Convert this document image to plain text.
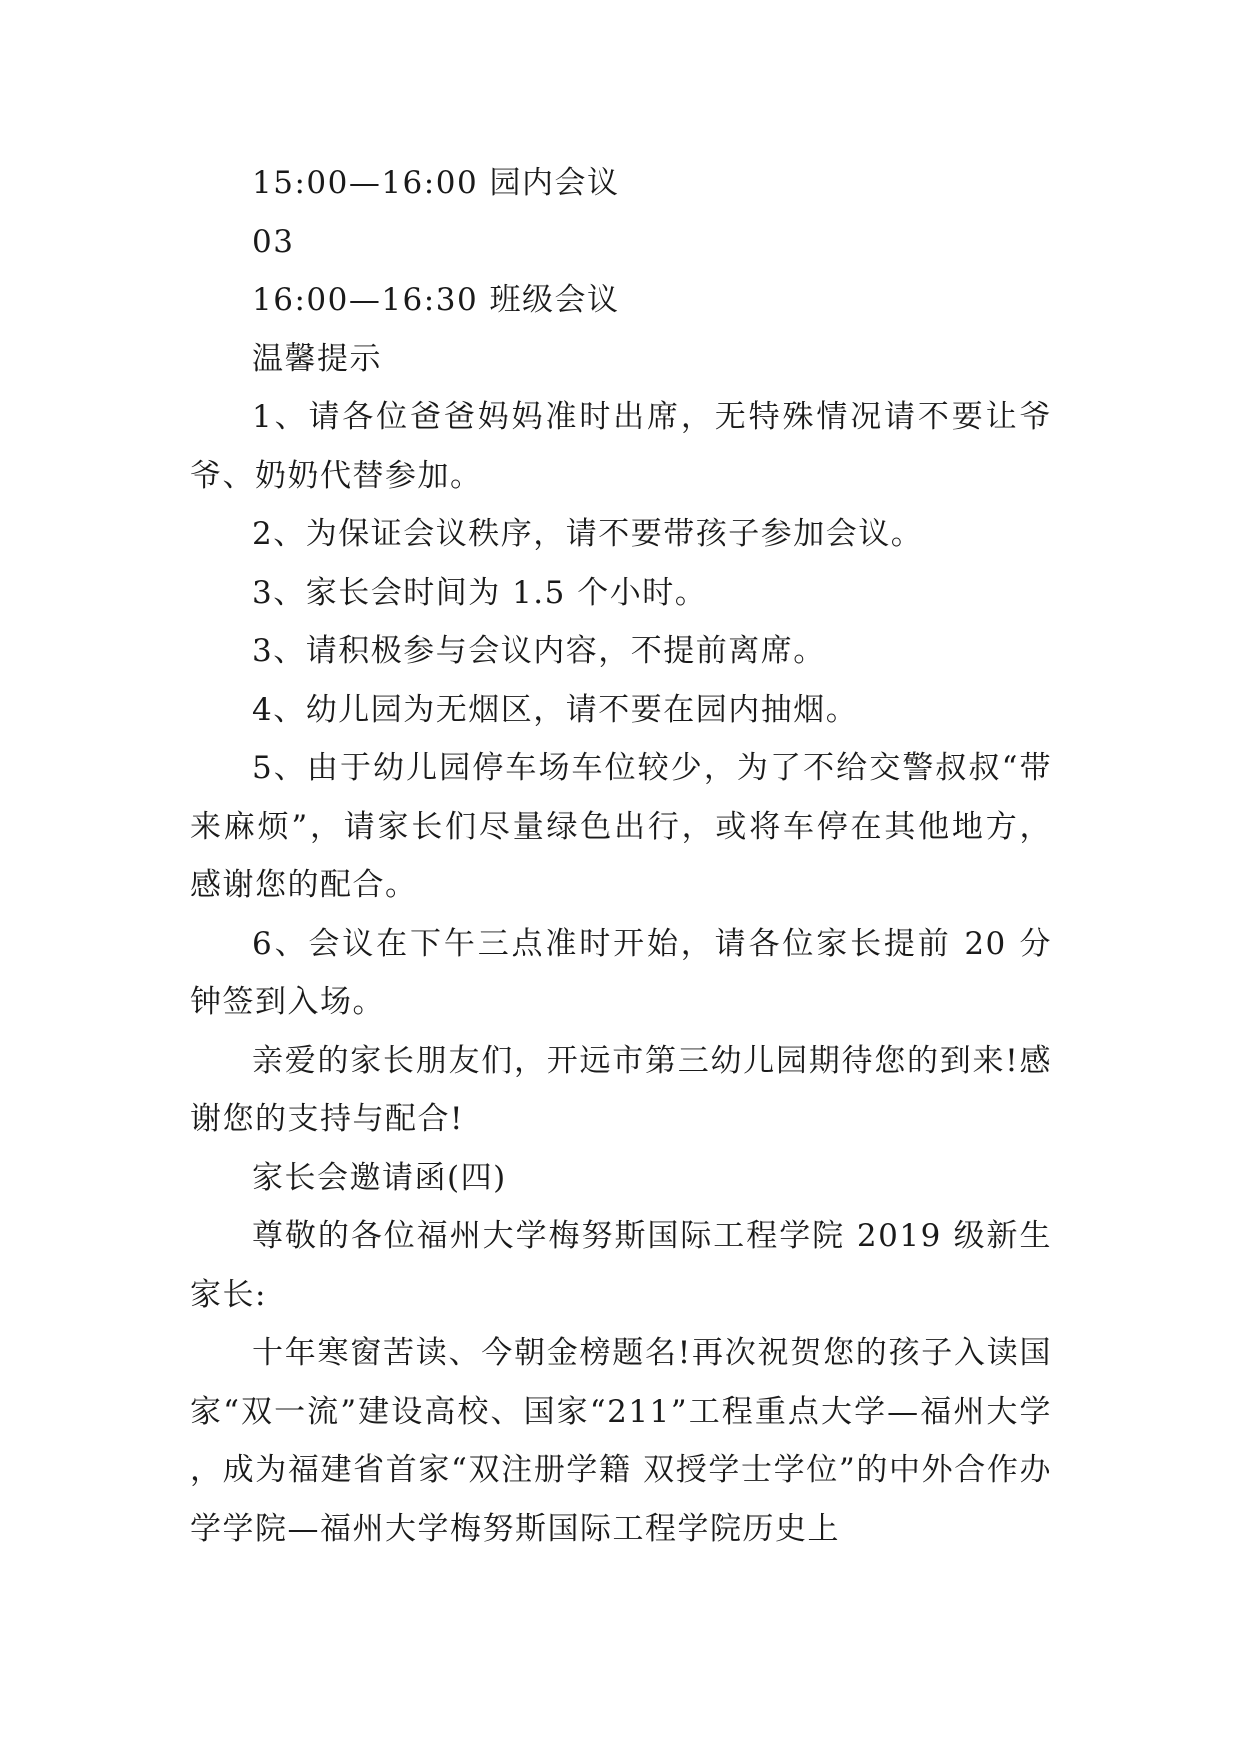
15:00—16:00 园内会议

03

16:00—16:30 班级会议

温馨提示

1、请各位爸爸妈妈准时出席，无特殊情况请不要让爷爷、奶奶代替参加。

2、为保证会议秩序，请不要带孩子参加会议。

3、家长会时间为 1.5 个小时。

3、请积极参与会议内容，不提前离席。

4、幼儿园为无烟区，请不要在园内抽烟。

5、由于幼儿园停车场车位较少，为了不给交警叔叔“带来麻烦”，请家长们尽量绿色出行，或将车停在其他地方，感谢您的配合。

6、会议在下午三点准时开始，请各位家长提前 20 分钟签到入场。

亲爱的家长朋友们，开远市第三幼儿园期待您的到来!感谢您的支持与配合!

家长会邀请函(四)

尊敬的各位福州大学梅努斯国际工程学院 2019 级新生家长:

十年寒窗苦读、今朝金榜题名!再次祝贺您的孩子入读国家“双一流”建设高校、国家“211”工程重点大学—福州大学，成为福建省首家“双注册学籍 双授学士学位”的中外合作办学学院—福州大学梅努斯国际工程学院历史上
